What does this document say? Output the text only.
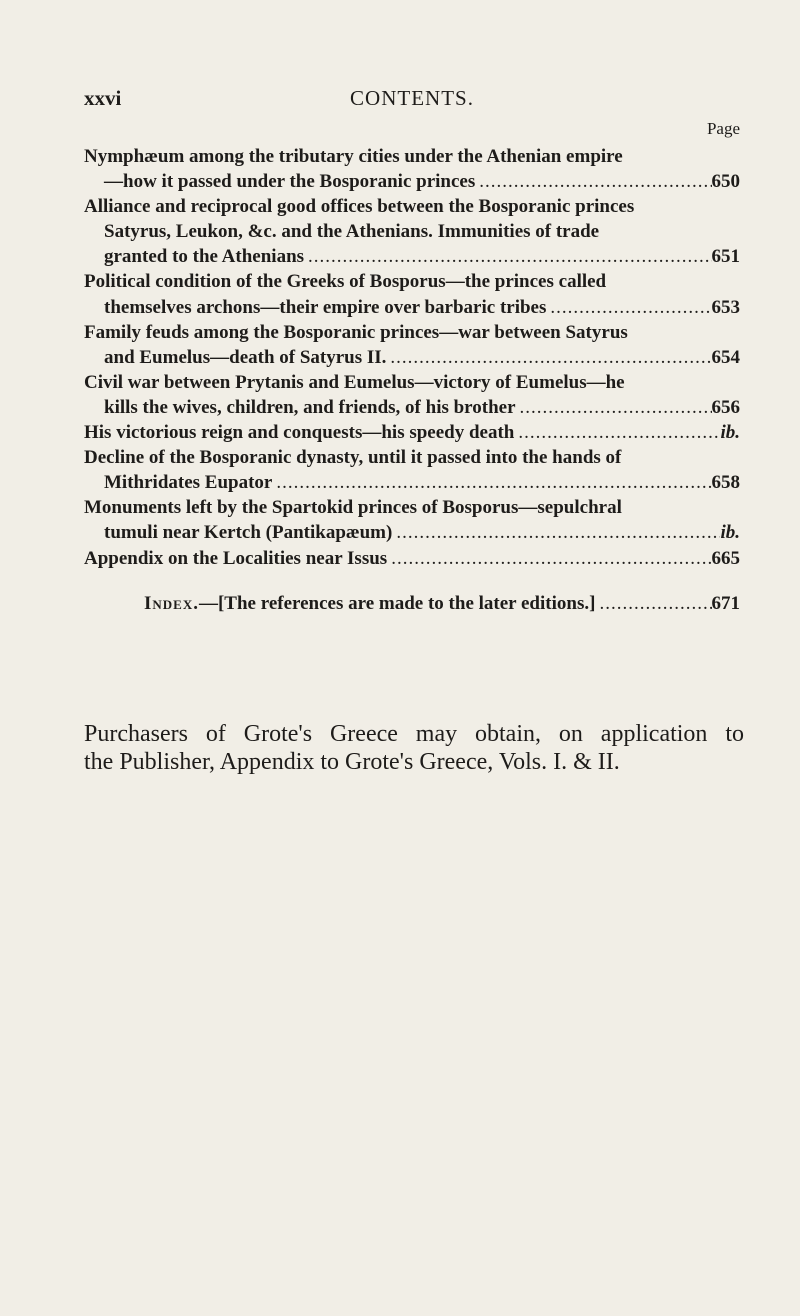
xxvi	CONTENTS.
Page
Nymphæum among the tributary cities under the Athenian empire
—how it passed under the Bosporanic princes .....	650
Alliance and reciprocal good offices between the Bosporanic princes
Satyrus, Leukon, &c. and the Athenians. Immunities of trade
granted to the Athenians .....	651
Political condition of the Greeks of Bosporus—the princes called
themselves archons—their empire over barbaric tribes .....	653
Family feuds among the Bosporanic princes—war between Satyrus
and Eumelus—death of Satyrus II. .....	654
Civil war between Prytanis and Eumelus—victory of Eumelus—he
kills the wives, children, and friends, of his brother .....	656
His victorious reign and conquests—his speedy death .....	ib.
Decline of the Bosporanic dynasty, until it passed into the hands of
Mithridates Eupator .....	658
Monuments left by the Spartokid princes of Bosporus—sepulchral
tumuli near Kertch (Pantikapæum) .....	ib.
Appendix on the Localities near Issus .....	665
Index.—[The references are made to the later editions.] .....	671
Purchasers of Grote's Greece may obtain, on application to
the Publisher, Appendix to Grote's Greece, Vols. I. & II.
